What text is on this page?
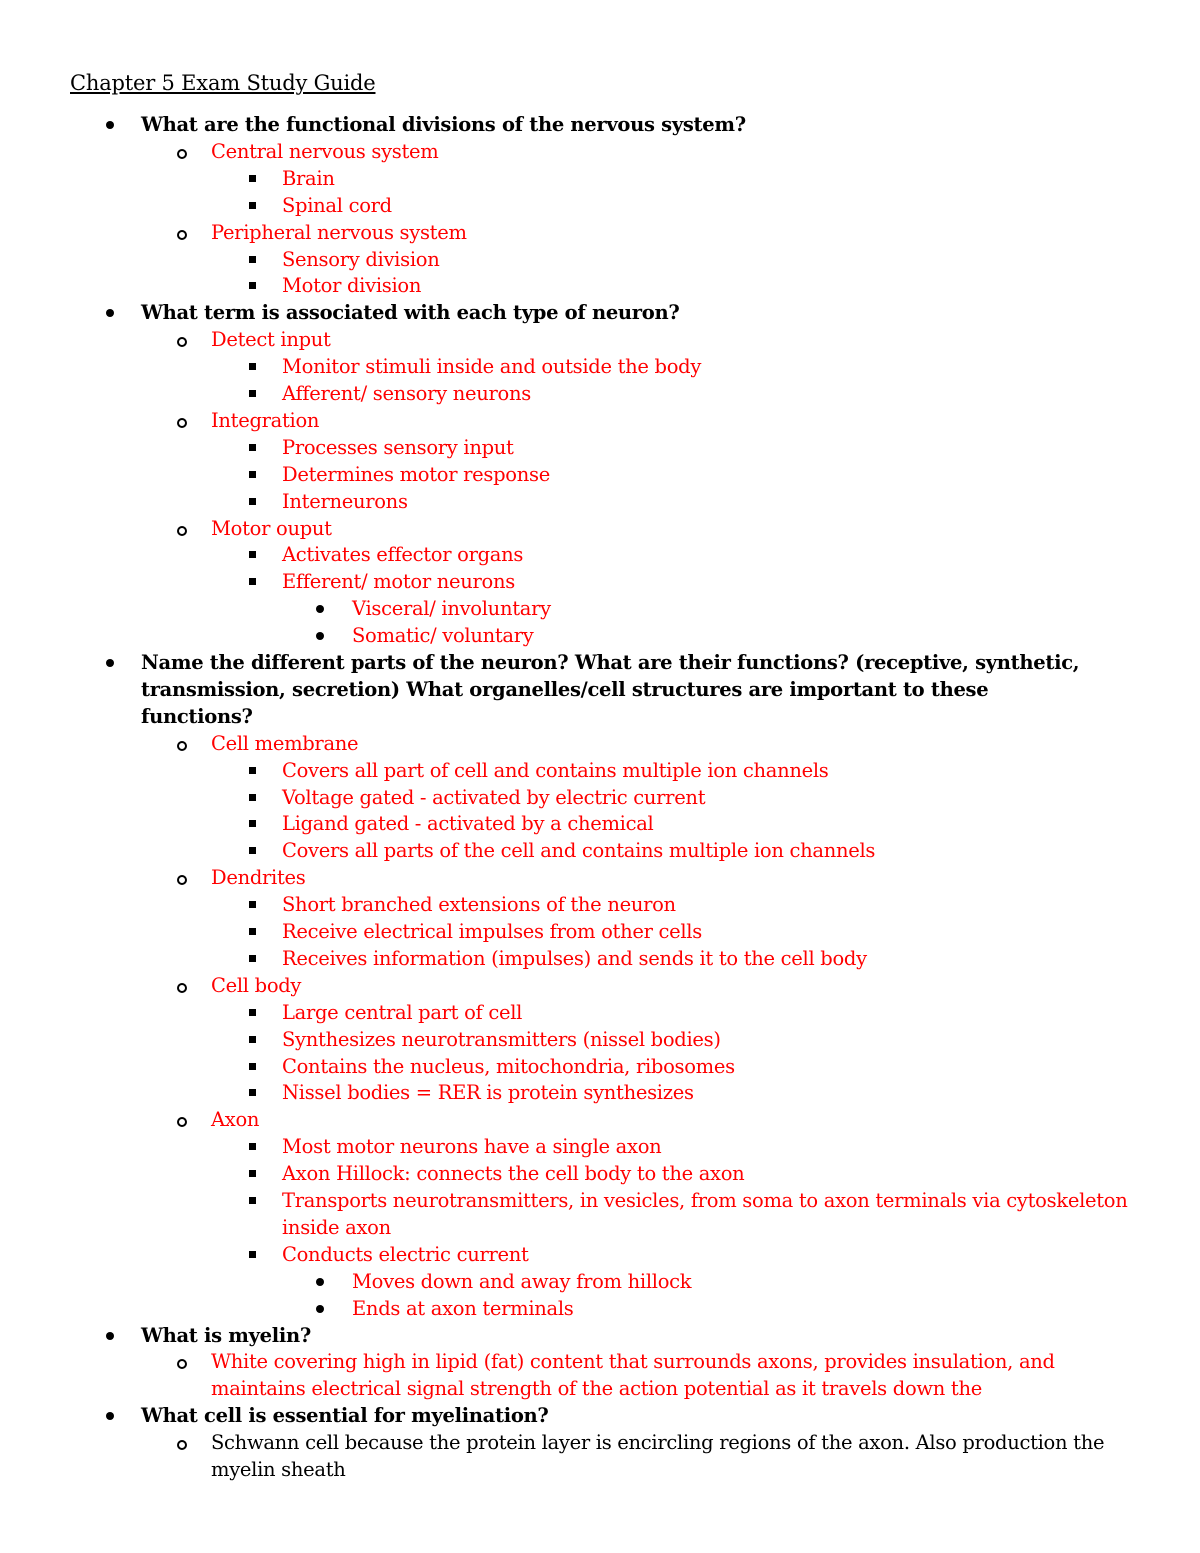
Chapter 5 Exam Study Guide
What are the functional divisions of the nervous system?
Central nervous system
Brain
Spinal cord
Peripheral nervous system
Sensory division
Motor division
What term is associated with each type of neuron?
Detect input
Monitor stimuli inside and outside the body
Afferent/ sensory neurons
Integration
Processes sensory input
Determines motor response
Interneurons
Motor ouput
Activates effector organs
Efferent/ motor neurons
Visceral/ involuntary
Somatic/ voluntary
Name the different parts of the neuron? What are their functions? (receptive, synthetic,
transmission, secretion) What organelles/cell structures are important to these
functions?
Cell membrane
Covers all part of cell and contains multiple ion channels
Voltage gated - activated by electric current
Ligand gated - activated by a chemical
Covers all parts of the cell and contains multiple ion channels
Dendrites
Short branched extensions of the neuron
Receive electrical impulses from other cells
Receives information (impulses) and sends it to the cell body
Cell body
Large central part of cell
Synthesizes neurotransmitters (nissel bodies)
Contains the nucleus, mitochondria, ribosomes
Nissel bodies = RER is protein synthesizes
Axon
Most motor neurons have a single axon
Axon Hillock: connects the cell body to the axon
Transports neurotransmitters, in vesicles, from soma to axon terminals via cytoskeleton
inside axon
Conducts electric current
Moves down and away from hillock
Ends at axon terminals
What is myelin?
White covering high in lipid (fat) content that surrounds axons, provides insulation, and
maintains electrical signal strength of the action potential as it travels down the
What cell is essential for myelination?
Schwann cell because the protein layer is encircling regions of the axon. Also production the
myelin sheath
